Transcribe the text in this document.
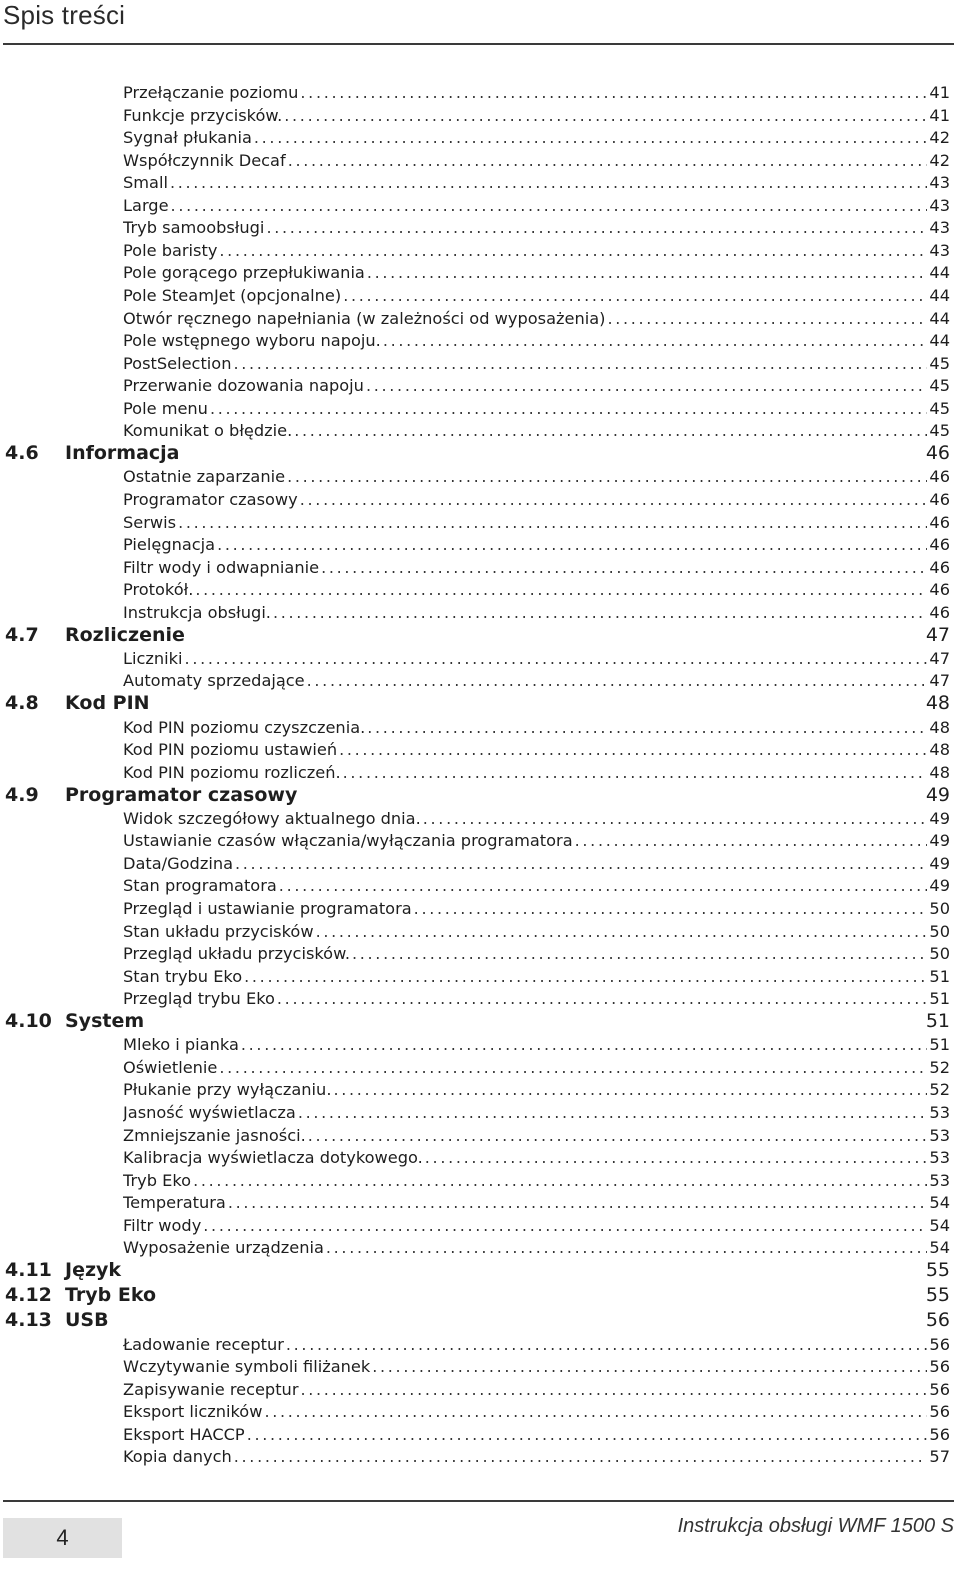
Spis treści
Przełączanie poziomu . . .	41
Funkcje przycisków. . . .	41
Sygnał płukania . . .	42
Współczynnik Decaf . . .	42
Small . . .	43
Large . . .	43
Tryb samoobsługi . . .	43
Pole baristy . . .	43
Pole gorącego przepłukiwania . . .	44
Pole SteamJet (opcjonalne) . . .	44
Otwór ręcznego napełniania (w zależności od wyposażenia) . . .	44
Pole wstępnego wyboru napoju. . . .	44
PostSelection . . .	45
Przerwanie dozowania napoju . . .	45
Pole menu . . .	45
Komunikat o błędzie. . . .	45
4.6	Informacja	46
Ostatnie zaparzanie . . .	46
Programator czasowy . . .	46
Serwis . . .	46
Pielęgnacja . . .	46
Filtr wody i odwapnianie . . .	46
Protokół. . . .	46
Instrukcja obsługi. . . .	46
4.7	Rozliczenie	47
Liczniki . . .	47
Automaty sprzedające . . .	47
4.8	Kod PIN	48
Kod PIN poziomu czyszczenia. . . .	48
Kod PIN poziomu ustawień . . .	48
Kod PIN poziomu rozliczeń. . . .	48
4.9	Programator czasowy	49
Widok szczegółowy aktualnego dnia. . . .	49
Ustawianie czasów włączania/wyłączania programatora . . .	49
Data/Godzina . . .	49
Stan programatora . . .	49
Przegląd i ustawianie programatora . . .	50
Stan układu przycisków . . .	50
Przegląd układu przycisków. . . .	50
Stan trybu Eko . . .	51
Przegląd trybu Eko . . .	51
4.10 System	51
Mleko i pianka . . .	51
Oświetlenie . . .	52
Płukanie przy wyłączaniu. . . .	52
Jasność wyświetlacza . . .	53
Zmniejszanie jasności. . . .	53
Kalibracja wyświetlacza dotykowego. . . .	53
Tryb Eko . . .	53
Temperatura . . .	54
Filtr wody . . .	54
Wyposażenie urządzenia . . .	54
4.11 Język	55
4.12 Tryb Eko	55
4.13 USB	56
Ładowanie receptur . . .	56
Wczytywanie symboli filiżanek . . .	56
Zapisywanie receptur . . .	56
Eksport liczników . . .	56
Eksport HACCP . . .	56
Kopia danych . . .	57
4	Instrukcja obsługi WMF 1500 S
